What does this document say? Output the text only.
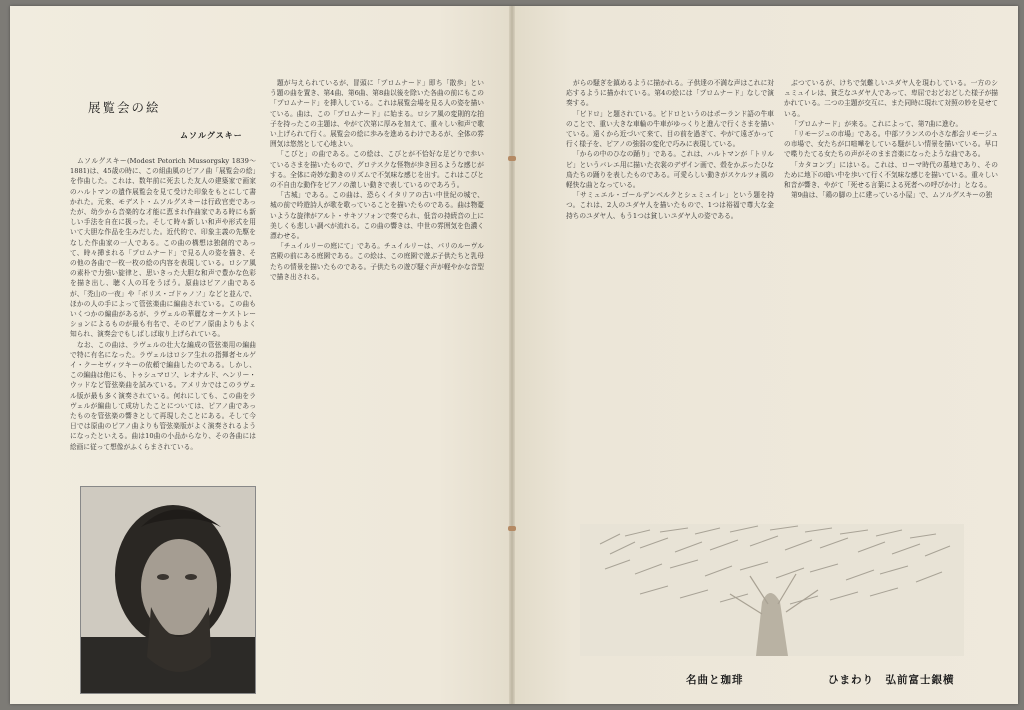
展覧会の絵
ムソルグスキー

ムソルグスキー(Modest Petorich Mussorgsky 1839〜1881)は、45歳の時に、この組曲風のピアノ曲「展覧会の絵」を作曲した。これは、数年前に死去した友人の建築家で画家のハルトマンの遺作展覧会を見て受けた印象をもとにして書かれた。元来、モデスト・ムソルグスキーは行政官吏であったが、幼少から音楽的な才能に恵まれ作曲家である時にも新しい手法を自在に扱った。そして時々新しい和声や形式を用いて大胆な作品を生みだした。近代的で、印象主義の先駆をなした作曲家の一人である。この曲の構想は独創的であって、時々挿まれる「プロムナード」で見る人の姿を描き、その他の各曲で一枚一枚の絵の内容を表現している。ロシア風の素朴で力強い旋律と、思いきった大胆な和声で豊かな色彩を描き出し、聴く人の耳をうばう。原曲はピアノ曲であるが、「禿山の一夜」や「ボリス・ゴドゥノフ」などと並んで、ほかの人の手によって管弦楽曲に編曲されている。この曲もいくつかの編曲があるが、ラヴェルの華麗なオーケストレーションによるものが最も有名で、そのピアノ原曲よりもよく知られ、演奏会でもしばしば取り上げられている。

なお、この曲は、ラヴェルの壮大な編成の管弦楽用の編曲で特に有名になった。ラヴェルはロシア生れの指揮者セルゲイ・クーセヴィツキーの依頼で編曲したのである。しかし、この編曲は他にも、トゥシュマロフ、レオナルド、ヘンリー・ウッドなど管弦楽曲を試みている。アメリカではこのラヴェル版が最も多く演奏されている。何れにしても、この曲をラヴェルが編曲して成功したことについては、ピアノ曲であったものを管弦楽の響きとして再現したことにある。そして今日では原曲のピアノ曲よりも管弦楽版がよく演奏されるようになったといえる。曲は10曲の小品からなり、その各曲には絵画に従って想像がふくらまされている。

題が与えられているが、冒頭に「プロムナード」即ち「散歩」という題の曲を置き、第4曲、第6曲、第8曲以後を除いた各曲の前にもこの「プロムナード」を挿入している。これは展覧会場を見る人の姿を描いている。曲は、この「プロムナード」に始まる。ロシア風の変則的な拍子を持ったこの主題は、やがて次第に厚みを加えて、重々しい和声で歌い上げられて行く。展覧会の絵に歩みを進めるわけであるが、全体の雰囲気は悠然として心地よい。

「こびと」の曲である。この絵は、こびとが不恰好な足どりで歩いているさまを描いたもので、グロテスクな怪物が歩き回るような感じがする。全体に奇妙な動きのリズムで不気味な感じを出す。これはこびとの不自由な動作をピアノの激しい動きで表しているのであろう。

「古城」である。この曲は、恐らくイタリアの古い中世紀の城で、城の前で吟遊詩人が歌を歌っていることを描いたものである。曲は物憂いような旋律がアルト・サキソフォンで奏でられ、低音の持続音の上に美しくも悲しい調べが流れる。この曲の響きは、中世の雰囲気を色濃く漂わせる。

「チュイルリーの庭にて」である。チュイルリーは、パリのルーヴル宮殿の前にある庭園である。この絵は、この庭園で遊ぶ子供たちと乳母たちの情景を描いたものである。子供たちの遊び騒ぐ声が軽やかな音型で描き出される。

がらの騒ぎを鎮めるように描かれる。子供達の不満な声はこれに対応するように描かれている。第4の絵には「プロムナード」なしで演奏する。

「ビドロ」と題されている。ビドロというのはポーランド語の牛車のことで、重い大きな車輪の牛車がゆっくりと進んで行くさまを描いている。遠くから近づいて来て、目の前を過ぎて、やがて遠ざかって行く様子を、ピアノの強弱の変化で巧みに表現している。

「からの中のひなの踊り」である。これは、ハルトマンが「トリルビ」というバレエ用に描いた衣裳のデザイン画で、殻をかぶったひな鳥たちの踊りを表したものである。可愛らしい動きがスケルツォ風の軽快な曲となっている。

「サミュエル・ゴールデンベルクとシュミュイレ」という題を持つ。これは、2人のユダヤ人を描いたもので、1つは裕福で尊大な金持ちのユダヤ人、もう1つは貧しいユダヤ人の姿である。

ぶつているが、けちで気難しいユダヤ人を現わしている。一方のシュミュイレは、貧乏なユダヤ人であって、卑屈でおどおどした様子が描かれている。二つの主題が交互に、また同時に現れて対照の妙を見せている。

「プロムナード」が来る。これによって、第7曲に進む。

「リモージュの市場」である。中部フランスの小さな都会リモージュの市場で、女たちが口喧嘩をしている騒がしい情景を描いている。早口で喋りたてる女たちの声がそのまま音楽になったような曲である。

「カタコンブ」にはいる。これは、ローマ時代の墓地であり、そのために地下の暗い中を歩いて行く不気味な感じを描いている。重々しい和音が響き、やがて「死せる言葉による死者への呼びかけ」となる。

第9曲は、「鶏の脚の上に建っている小屋」で、ムソルグスキーの独

名曲と珈琲	ひまわり　弘前富士銀横
